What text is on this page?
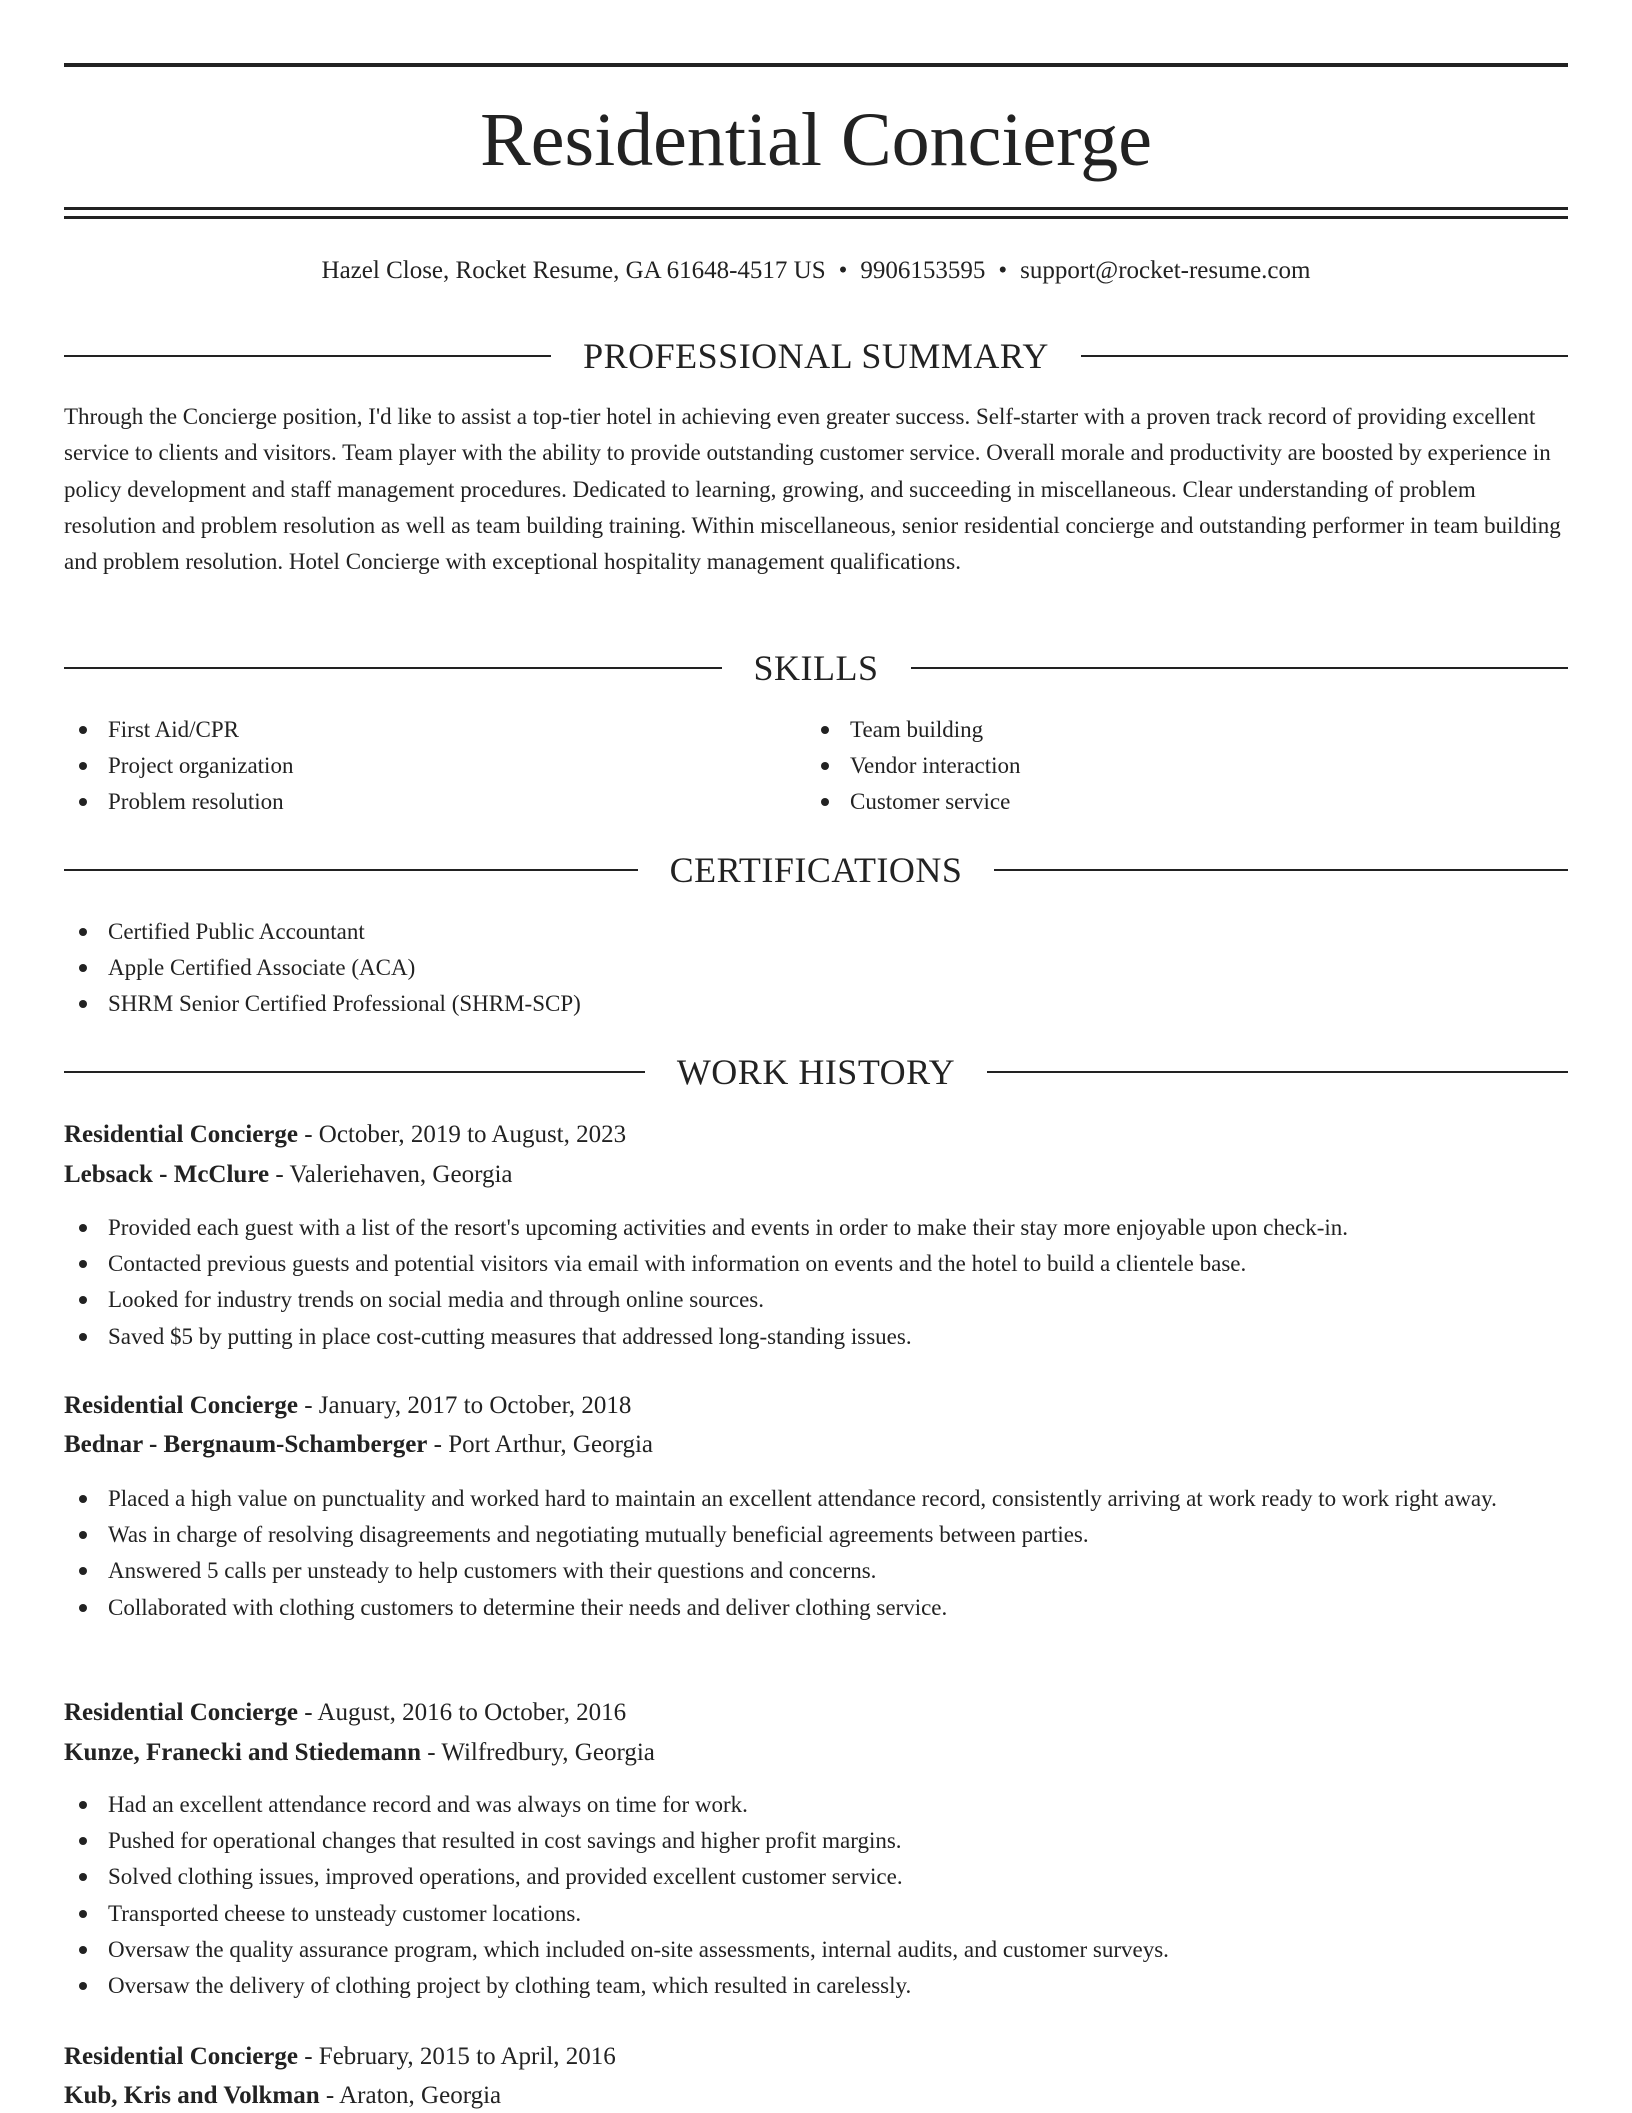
Residential Concierge
Hazel Close, Rocket Resume, GA 61648-4517 US • 9906153595 • support@rocket-resume.com
PROFESSIONAL SUMMARY

Through the Concierge position, I'd like to assist a top-tier hotel in achieving even greater success. Self-starter with a proven track record of providing excellent service to clients and visitors. Team player with the ability to provide outstanding customer service. Overall morale and productivity are boosted by experience in policy development and staff management procedures. Dedicated to learning, growing, and succeeding in miscellaneous. Clear understanding of problem resolution and problem resolution as well as team building training. Within miscellaneous, senior residential concierge and outstanding performer in team building and problem resolution. Hotel Concierge with exceptional hospitality management qualifications.

SKILLS
First Aid/CPR
Project organization
Problem resolution
Team building
Vendor interaction
Customer service
CERTIFICATIONS
Certified Public Accountant
Apple Certified Associate (ACA)
SHRM Senior Certified Professional (SHRM-SCP)
WORK HISTORY
Residential Concierge - October, 2019 to August, 2023
Lebsack - McClure - Valeriehaven, Georgia
Provided each guest with a list of the resort's upcoming activities and events in order to make their stay more enjoyable upon check-in.
Contacted previous guests and potential visitors via email with information on events and the hotel to build a clientele base.
Looked for industry trends on social media and through online sources.
Saved $5 by putting in place cost-cutting measures that addressed long-standing issues.
Residential Concierge - January, 2017 to October, 2018
Bednar - Bergnaum-Schamberger - Port Arthur, Georgia
Placed a high value on punctuality and worked hard to maintain an excellent attendance record, consistently arriving at work ready to work right away.
Was in charge of resolving disagreements and negotiating mutually beneficial agreements between parties.
Answered 5 calls per unsteady to help customers with their questions and concerns.
Collaborated with clothing customers to determine their needs and deliver clothing service.
Residential Concierge - August, 2016 to October, 2016
Kunze, Franecki and Stiedemann - Wilfredbury, Georgia
Had an excellent attendance record and was always on time for work.
Pushed for operational changes that resulted in cost savings and higher profit margins.
Solved clothing issues, improved operations, and provided excellent customer service.
Transported cheese to unsteady customer locations.
Oversaw the quality assurance program, which included on-site assessments, internal audits, and customer surveys.
Oversaw the delivery of clothing project by clothing team, which resulted in carelessly.
Residential Concierge - February, 2015 to April, 2016
Kub, Kris and Volkman - Araton, Georgia
